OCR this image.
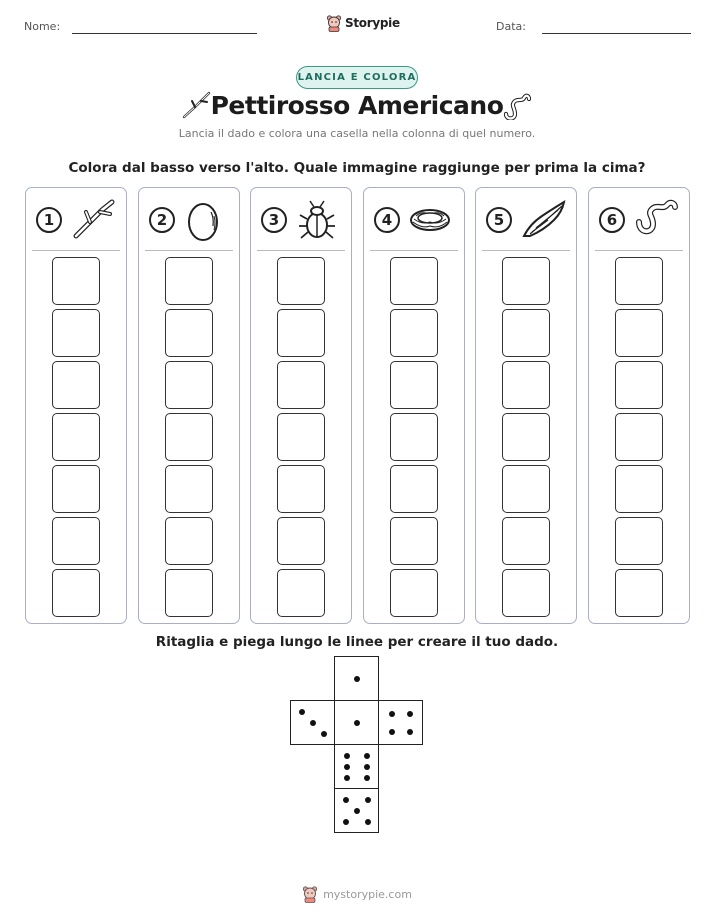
Nome:	Storypie	Data:
LANCIA E COLORA
Pettirosso Americano
Lancia il dado e colora una casella nella colonna di quel numero.
Colora dal basso verso l'alto. Quale immagine raggiunge per prima la cima?
1	2	3	4	5	6
Ritaglia e piega lungo le linee per creare il tuo dado.
mystorypie.com
